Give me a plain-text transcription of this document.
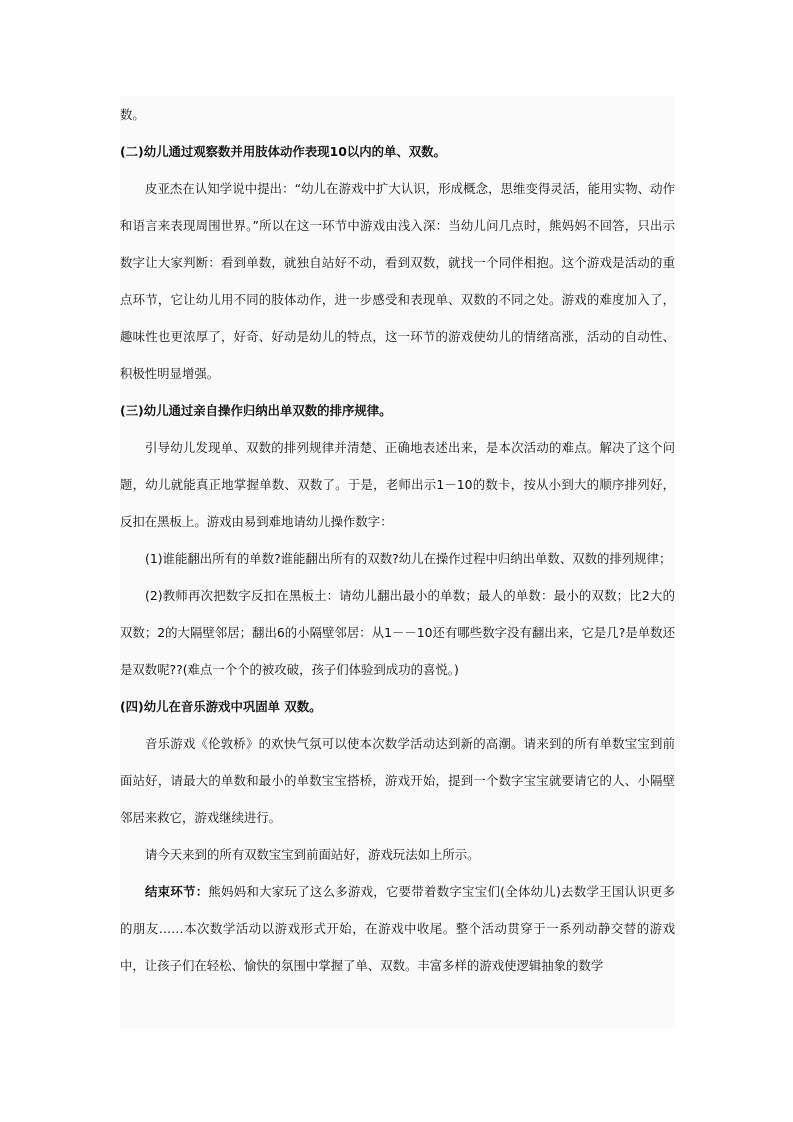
数。

(二)幼儿通过观察数并用肢体动作表现10以内的单、双数。

皮亚杰在认知学说中提出：“幼儿在游戏中扩大认识，形成概念，思维变得灵活，能用实物、动作和语言来表现周围世界。”所以在这一环节中游戏由浅入深：当幼儿问几点时，熊妈妈不回答，只出示数字让大家判断：看到单数，就独自站好不动，看到双数，就找一个同伴相抱。这个游戏是活动的重点环节，它让幼儿用不同的肢体动作，进一步感受和表现单、双数的不同之处。游戏的难度加入了，趣味性也更浓厚了，好奇、好动是幼儿的特点，这一环节的游戏使幼儿的情绪高涨，活动的自动性、积极性明显增强。

(三)幼儿通过亲自操作归纳出单双数的排序规律。

引导幼儿发现单、双数的排列规律并清楚、正确地表述出来，是本次活动的难点。解决了这个问题，幼儿就能真正地掌握单数、双数了。于是，老师出示1－10的数卡，按从小到大的顺序排列好，反扣在黑板上。游戏由易到难地请幼儿操作数字：

(1)谁能翻出所有的单数?谁能翻出所有的双数?幼儿在操作过程中归纳出单数、双数的排列规律；

(2)教师再次把数字反扣在黑板土：请幼儿翻出最小的单数；最人的单数：最小的双数；比2大的双数；2的大隔壁邻居；翻出6的小隔壁邻居：从1－－10还有哪些数字没有翻出来，它是几?是单数还是双数呢??(难点一个个的被攻破，孩子们体验到成功的喜悦。)

(四)幼儿在音乐游戏中巩固单 双数。

音乐游戏《伦敦桥》的欢快气氛可以使本次数学活动达到新的高潮。请来到的所有单数宝宝到前面站好，请最大的单数和最小的单数宝宝搭桥，游戏开始，提到一个数字宝宝就要请它的人、小隔壁邻居来救它，游戏继续进行。

请今天来到的所有双数宝宝到前面站好，游戏玩法如上所示。

结束环节：熊妈妈和大家玩了这么多游戏，它要带着数字宝宝们(全体幼儿)去数学王国认识更多的朋友……本次数学活动以游戏形式开始，在游戏中收尾。整个活动贯穿于一系列动静交替的游戏中，让孩子们在轻松、愉快的氛围中掌握了单、双数。丰富多样的游戏使逻辑抽象的数学
